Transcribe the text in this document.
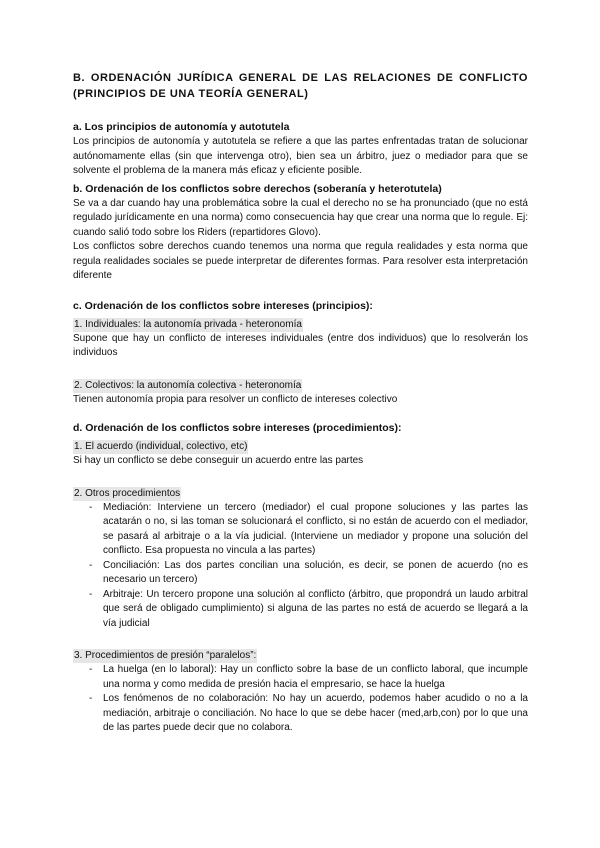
B. ORDENACIÓN JURÍDICA GENERAL DE LAS RELACIONES DE CONFLICTO (PRINCIPIOS DE UNA TEORÍA GENERAL)
a. Los principios de autonomía y autotutela

Los principios de autonomía y autotutela se refiere a que las partes enfrentadas tratan de solucionar autónomamente ellas (sin que intervenga otro), bien sea un árbitro, juez o mediador para que se solvente el problema de la manera más eficaz y eficiente posible.

b. Ordenación de los conflictos sobre derechos (soberanía y heterotutela)

Se va a dar cuando hay una problemática sobre la cual el derecho no se ha pronunciado (que no está regulado jurídicamente en una norma) como consecuencia hay que crear una norma que lo regule. Ej: cuando salió todo sobre los Riders (repartidores Glovo).

Los conflictos sobre derechos cuando tenemos una norma que regula realidades y esta norma que regula realidades sociales se puede interpretar de diferentes formas. Para resolver esta interpretación diferente

c. Ordenación de los conflictos sobre intereses (principios):
1. Individuales: la autonomía privada - heteronomía

Supone que hay un conflicto de intereses individuales (entre dos individuos) que lo resolverán los individuos

2. Colectivos: la autonomía colectiva - heteronomía

Tienen autonomía propia para resolver un conflicto de intereses colectivo

d. Ordenación de los conflictos sobre intereses (procedimientos):
1. El acuerdo (individual, colectivo, etc)

Si hay un conflicto se debe conseguir un acuerdo entre las partes

2. Otros procedimientos
- Mediación: Interviene un tercero (mediador) el cual propone soluciones y las partes las acatarán o no, si las toman se solucionará el conflicto, si no están de acuerdo con el mediador, se pasará al arbitraje o a la vía judicial. (Interviene un mediador y propone una solución del conflicto. Esa propuesta no vincula a las partes)
- Conciliación: Las dos partes concilian una solución, es decir, se ponen de acuerdo (no es necesario un tercero)
- Arbitraje: Un tercero propone una solución al conflicto (árbitro, que propondrá un laudo arbitral que será de obligado cumplimiento) si alguna de las partes no está de acuerdo se llegará a la vía judicial
3. Procedimientos de presión “paralelos”:
- La huelga (en lo laboral): Hay un conflicto sobre la base de un conflicto laboral, que incumple una norma y como medida de presión hacia el empresario, se hace la huelga
- Los fenómenos de no colaboración: No hay un acuerdo, podemos haber acudido o no a la mediación, arbitraje o conciliación. No hace lo que se debe hacer (med,arb,con) por lo que una de las partes puede decir que no colabora.
